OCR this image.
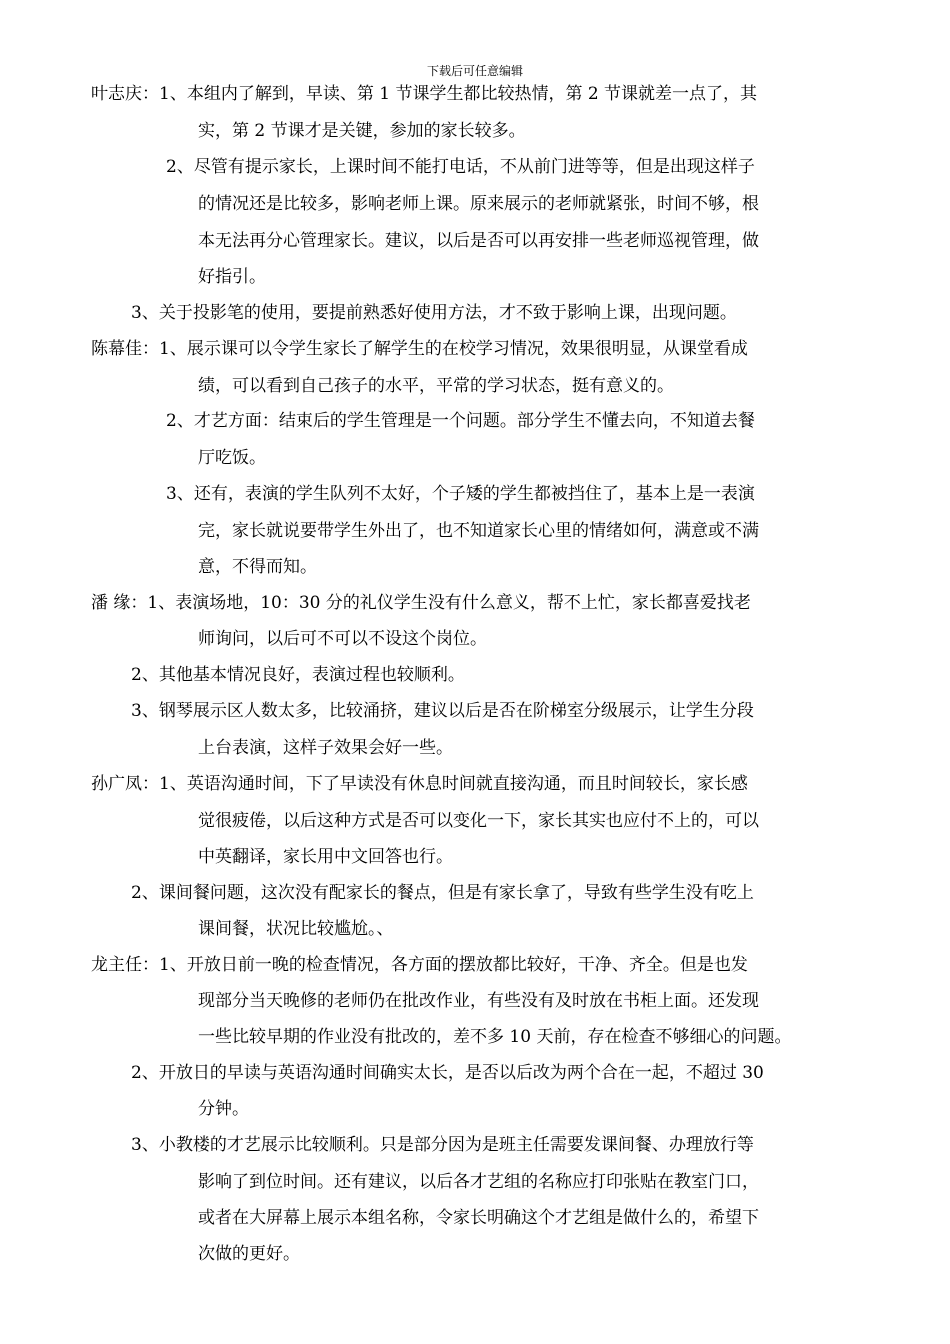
下载后可任意编辑
叶志庆：1、本组内了解到，早读、第 1 节课学生都比较热情，第 2 节课就差一点了，其
实，第 2 节课才是关键，参加的家长较多。
2、尽管有提示家长，上课时间不能打电话，不从前门进等等，但是出现这样子
的情况还是比较多，影响老师上课。原来展示的老师就紧张，时间不够，根
本无法再分心管理家长。建议，以后是否可以再安排一些老师巡视管理，做
好指引。
3、关于投影笔的使用，要提前熟悉好使用方法，才不致于影响上课，出现问题。
陈幕佳：1、展示课可以令学生家长了解学生的在校学习情况，效果很明显，从课堂看成
绩，可以看到自己孩子的水平，平常的学习状态，挺有意义的。
2、才艺方面：结束后的学生管理是一个问题。部分学生不懂去向，不知道去餐
厅吃饭。
3、还有，表演的学生队列不太好，个子矮的学生都被挡住了，基本上是一表演
完，家长就说要带学生外出了，也不知道家长心里的情绪如何，满意或不满
意，不得而知。
潘 缘：1、表演场地，10：30 分的礼仪学生没有什么意义，帮不上忙，家长都喜爱找老
师询问，以后可不可以不设这个岗位。
2、其他基本情况良好，表演过程也较顺利。
3、钢琴展示区人数太多，比较涌挤，建议以后是否在阶梯室分级展示，让学生分段
上台表演，这样子效果会好一些。
孙广凤：1、英语沟通时间，下了早读没有休息时间就直接沟通，而且时间较长，家长感
觉很疲倦，以后这种方式是否可以变化一下，家长其实也应付不上的，可以
中英翻译，家长用中文回答也行。
2、课间餐问题，这次没有配家长的餐点，但是有家长拿了，导致有些学生没有吃上
课间餐，状况比较尴尬。、
龙主任：1、开放日前一晚的检查情况，各方面的摆放都比较好，干净、齐全。但是也发
现部分当天晚修的老师仍在批改作业，有些没有及时放在书柜上面。还发现
一些比较早期的作业没有批改的，差不多 10 天前，存在检查不够细心的问题。
2、开放日的早读与英语沟通时间确实太长，是否以后改为两个合在一起，不超过 30
分钟。
3、小教楼的才艺展示比较顺利。只是部分因为是班主任需要发课间餐、办理放行等
影响了到位时间。还有建议，以后各才艺组的名称应打印张贴在教室门口，
或者在大屏幕上展示本组名称，令家长明确这个才艺组是做什么的，希望下
次做的更好。
